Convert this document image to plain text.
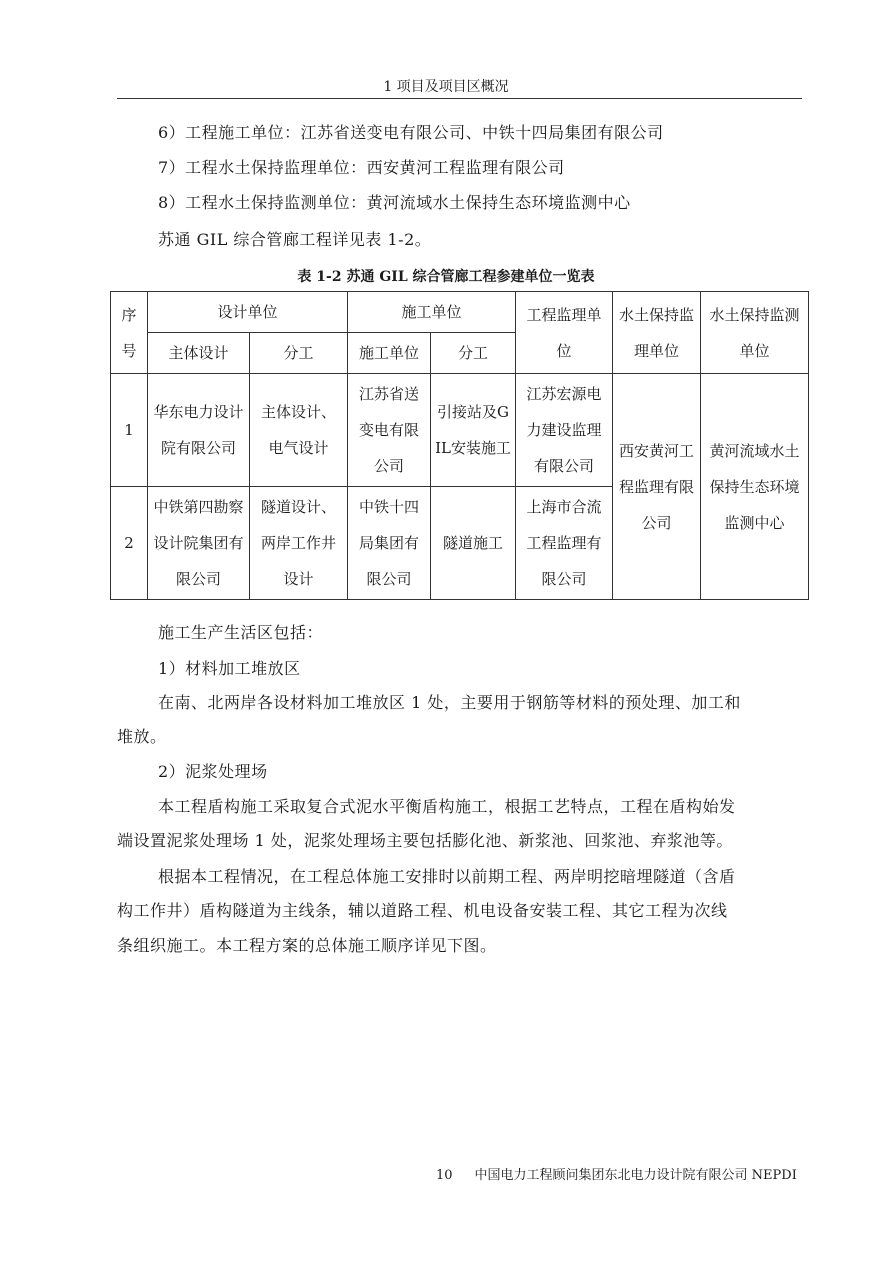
1 项目及项目区概况
6）工程施工单位：江苏省送变电有限公司、中铁十四局集团有限公司
7）工程水土保持监理单位：西安黄河工程监理有限公司
8）工程水土保持监测单位：黄河流域水土保持生态环境监测中心
苏通 GIL 综合管廊工程详见表 1-2。
表 1-2 苏通 GIL 综合管廊工程参建单位一览表
序号	设计单位		施工单位		工程监理单位	水土保持监理单位	水土保持监测单位
	主体设计	分工	施工单位	分工			
1	华东电力设计院有限公司	主体设计、电气设计	江苏省送变电有限公司	引接站及GIL安装施工	江苏宏源电力建设监理有限公司	西安黄河工程监理有限公司	黄河流域水土保持生态环境监测中心
2	中铁第四勘察设计院集团有限公司	隧道设计、两岸工作井设计	中铁十四局集团有限公司	隧道施工	上海市合流工程监理有限公司		
施工生产生活区包括：
1）材料加工堆放区
在南、北两岸各设材料加工堆放区 1 处，主要用于钢筋等材料的预处理、加工和
堆放。
2）泥浆处理场
本工程盾构施工采取复合式泥水平衡盾构施工，根据工艺特点，工程在盾构始发
端设置泥浆处理场 1 处，泥浆处理场主要包括膨化池、新浆池、回浆池、弃浆池等。
根据本工程情况，在工程总体施工安排时以前期工程、两岸明挖暗埋隧道（含盾
构工作井）盾构隧道为主线条，辅以道路工程、机电设备安装工程、其它工程为次线
条组织施工。本工程方案的总体施工顺序详见下图。
10 中国电力工程顾问集团东北电力设计院有限公司 NEPDI
